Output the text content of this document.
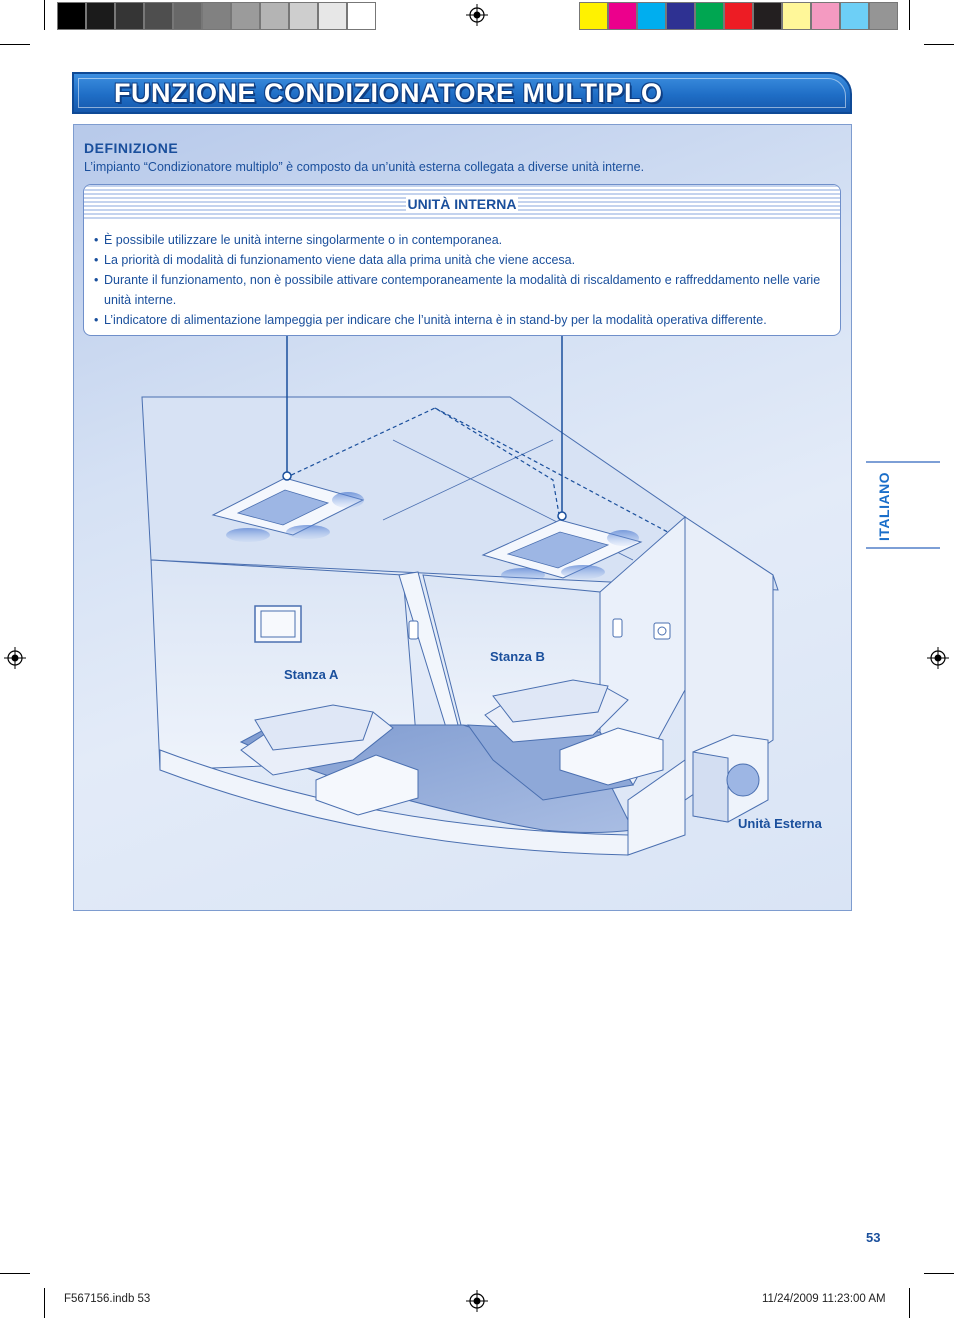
FUNZIONE CONDIZIONATORE MULTIPLO
DEFINIZIONE
L’impianto “Condizionatore multiplo” è composto da un’unità esterna collegata a diverse unità interne.
Stanza A
Stanza B
Unità Esterna
UNITÀ INTERNA
• È possibile utilizzare le unità interne singolarmente o in contemporanea.
• La priorità di modalità di funzionamento viene data alla prima unità che viene accesa.
• Durante il funzionamento, non è possibile attivare contemporaneamente la modalità di riscaldamento e raffreddamento nelle varie unità interne.
• L’indicatore di alimentazione lampeggia per indicare che l’unità interna è in stand-by per la modalità operativa differente.
ITALIANO
53
F567156.indb 53	11/24/2009 11:23:00 AM
